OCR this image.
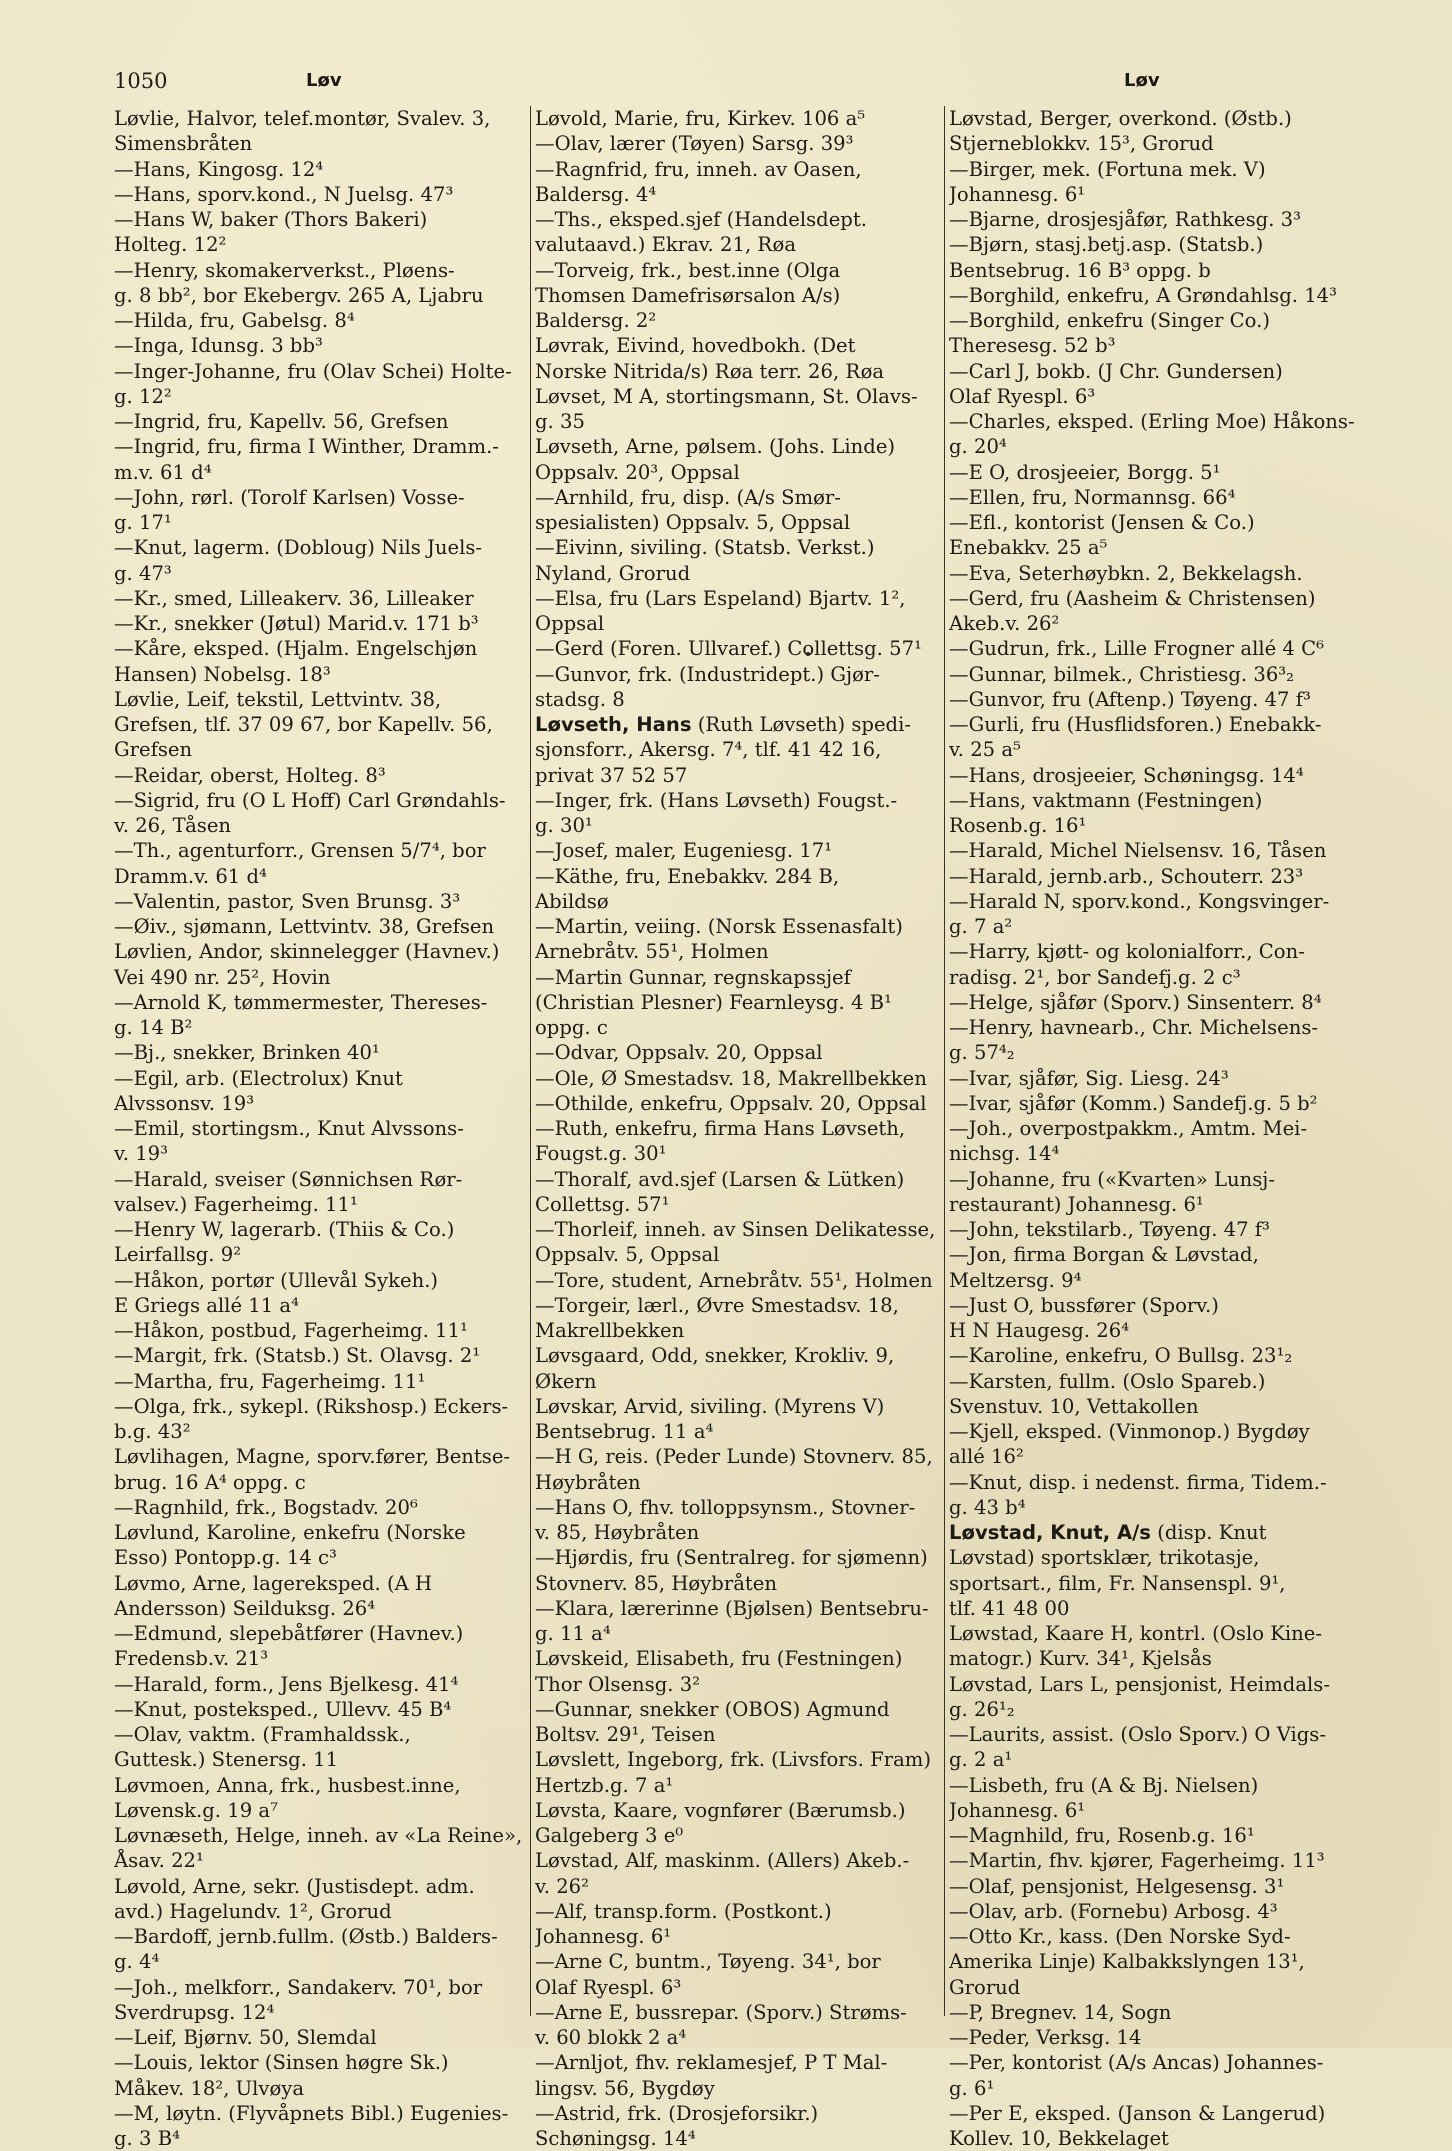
1050	Løv	Løv
Løvlie, Halvor, telef.montør, Svalev. 3,
Simensbråten
—Hans, Kingosg. 12⁴
—Hans, sporv.kond., N Juelsg. 47³
—Hans W, baker (Thors Bakeri)
Holteg. 12²
—Henry, skomakerverkst., Pløens-
g. 8 bb², bor Ekebergv. 265 A, Ljabru
—Hilda, fru, Gabelsg. 8⁴
—Inga, Idunsg. 3 bb³
—Inger-Johanne, fru (Olav Schei) Holte-
g. 12²
—Ingrid, fru, Kapellv. 56, Grefsen
—Ingrid, fru, firma I Winther, Dramm.-
m.v. 61 d⁴
—John, rørl. (Torolf Karlsen) Vosse-
g. 17¹
—Knut, lagerm. (Dobloug) Nils Juels-
g. 47³
—Kr., smed, Lilleakerv. 36, Lilleaker
—Kr., snekker (Jøtul) Marid.v. 171 b³
—Kåre, eksped. (Hjalm. Engelschjøn
Hansen) Nobelsg. 18³
Løvlie, Leif, tekstil, Lettvintv. 38,
Grefsen, tlf. 37 09 67, bor Kapellv. 56,
Grefsen
—Reidar, oberst, Holteg. 8³
—Sigrid, fru (O L Hoff) Carl Grøndahls-
v. 26, Tåsen
—Th., agenturforr., Grensen 5/7⁴, bor
Dramm.v. 61 d⁴
—Valentin, pastor, Sven Brunsg. 3³
—Øiv., sjømann, Lettvintv. 38, Grefsen
Løvlien, Andor, skinnelegger (Havnev.)
Vei 490 nr. 25², Hovin
—Arnold K, tømmermester, Thereses-
g. 14 B²
—Bj., snekker, Brinken 40¹
—Egil, arb. (Electrolux) Knut
Alvssonsv. 19³
—Emil, stortingsm., Knut Alvssons-
v. 19³
—Harald, sveiser (Sønnichsen Rør-
valsev.) Fagerheimg. 11¹
—Henry W, lagerarb. (Thiis & Co.)
Leirfallsg. 9²
—Håkon, portør (Ullevål Sykeh.)
E Griegs allé 11 a⁴
—Håkon, postbud, Fagerheimg. 11¹
—Margit, frk. (Statsb.) St. Olavsg. 2¹
—Martha, fru, Fagerheimg. 11¹
—Olga, frk., sykepl. (Rikshosp.) Eckers-
b.g. 43²
Løvlihagen, Magne, sporv.fører, Bentse-
brug. 16 A⁴ oppg. c
—Ragnhild, frk., Bogstadv. 20⁶
Løvlund, Karoline, enkefru (Norske
Esso) Pontopp.g. 14 c³
Løvmo, Arne, lagereksped. (A H
Andersson) Seilduksg. 26⁴
—Edmund, slepebåtfører (Havnev.)
Fredensb.v. 21³
—Harald, form., Jens Bjelkesg. 41⁴
—Knut, posteksped., Ullevv. 45 B⁴
—Olav, vaktm. (Framhaldssk.,
Guttesk.) Stenersg. 11
Løvmoen, Anna, frk., husbest.inne,
Løvensk.g. 19 a⁷
Løvnæseth, Helge, inneh. av «La Reine»,
Åsav. 22¹
Løvold, Arne, sekr. (Justisdept. adm.
avd.) Hagelundv. 1², Grorud
—Bardoff, jernb.fullm. (Østb.) Balders-
g. 4⁴
—Joh., melkforr., Sandakerv. 70¹, bor
Sverdrupsg. 12⁴
—Leif, Bjørnv. 50, Slemdal
—Louis, lektor (Sinsen høgre Sk.)
Måkev. 18², Ulvøya
—M, løytn. (Flyvåpnets Bibl.) Eugenies-
g. 3 B⁴
Løvold, Marie, fru, Kirkev. 106 a⁵
—Olav, lærer (Tøyen) Sarsg. 39³
—Ragnfrid, fru, inneh. av Oasen,
Baldersg. 4⁴
—Ths., eksped.sjef (Handelsdept.
valutaavd.) Ekrav. 21, Røa
—Torveig, frk., best.inne (Olga
Thomsen Damefrisørsalon A/s)
Baldersg. 2²
Løvrak, Eivind, hovedbokh. (Det
Norske Nitrida/s) Røa terr. 26, Røa
Løvset, M A, stortingsmann, St. Olavs-
g. 35
Løvseth, Arne, pølsem. (Johs. Linde)
Oppsalv. 20³, Oppsal
—Arnhild, fru, disp. (A/s Smør-
spesialisten) Oppsalv. 5, Oppsal
—Eivinn, siviling. (Statsb. Verkst.)
Nyland, Grorud
—Elsa, fru (Lars Espeland) Bjartv. 1²,
Oppsal
—Gerd (Foren. Ullvaref.) Collettsg. 57¹
—Gunvor, frk. (Industridept.) Gjør-
stadsg. 8
Løvseth, Hans (Ruth Løvseth) spedi-
sjonsforr., Akersg. 7⁴, tlf. 41 42 16,
privat 37 52 57
—Inger, frk. (Hans Løvseth) Fougst.-
g. 30¹
—Josef, maler, Eugeniesg. 17¹
—Käthe, fru, Enebakkv. 284 B,
Abildsø
—Martin, veiing. (Norsk Essenasfalt)
Arnebråtv. 55¹, Holmen
—Martin Gunnar, regnskapssjef
(Christian Plesner) Fearnleysg. 4 B¹
oppg. c
—Odvar, Oppsalv. 20, Oppsal
—Ole, Ø Smestadsv. 18, Makrellbekken
—Othilde, enkefru, Oppsalv. 20, Oppsal
—Ruth, enkefru, firma Hans Løvseth,
Fougst.g. 30¹
—Thoralf, avd.sjef (Larsen & Lütken)
Collettsg. 57¹
—Thorleif, inneh. av Sinsen Delikatesse,
Oppsalv. 5, Oppsal
—Tore, student, Arnebråtv. 55¹, Holmen
—Torgeir, lærl., Øvre Smestadsv. 18,
Makrellbekken
Løvsgaard, Odd, snekker, Krokliv. 9,
Økern
Løvskar, Arvid, siviling. (Myrens V)
Bentsebrug. 11 a⁴
—H G, reis. (Peder Lunde) Stovnerv. 85,
Høybråten
—Hans O, fhv. tolloppsynsm., Stovner-
v. 85, Høybråten
—Hjørdis, fru (Sentralreg. for sjømenn)
Stovnerv. 85, Høybråten
—Klara, lærerinne (Bjølsen) Bentsebru-
g. 11 a⁴
Løvskeid, Elisabeth, fru (Festningen)
Thor Olsensg. 3²
—Gunnar, snekker (OBOS) Agmund
Boltsv. 29¹, Teisen
Løvslett, Ingeborg, frk. (Livsfors. Fram)
Hertzb.g. 7 a¹
Løvsta, Kaare, vognfører (Bærumsb.)
Galgeberg 3 e⁰
Løvstad, Alf, maskinm. (Allers) Akeb.-
v. 26²
—Alf, transp.form. (Postkont.)
Johannesg. 6¹
—Arne C, buntm., Tøyeng. 34¹, bor
Olaf Ryespl. 6³
—Arne E, bussrepar. (Sporv.) Strøms-
v. 60 blokk 2 a⁴
—Arnljot, fhv. reklamesjef, P T Mal-
lingsv. 56, Bygdøy
—Astrid, frk. (Drosjeforsikr.)
Schøningsg. 14⁴
Løvstad, Berger, overkond. (Østb.)
Stjerneblokkv. 15³, Grorud
—Birger, mek. (Fortuna mek. V)
Johannesg. 6¹
—Bjarne, drosjesjåfør, Rathkesg. 3³
—Bjørn, stasj.betj.asp. (Statsb.)
Bentsebrug. 16 B³ oppg. b
—Borghild, enkefru, A Grøndahlsg. 14³
—Borghild, enkefru (Singer Co.)
Theresesg. 52 b³
—Carl J, bokb. (J Chr. Gundersen)
Olaf Ryespl. 6³
—Charles, eksped. (Erling Moe) Håkons-
g. 20⁴
—E O, drosjeeier, Borgg. 5¹
—Ellen, fru, Normannsg. 66⁴
—Efl., kontorist (Jensen & Co.)
Enebakkv. 25 a⁵
—Eva, Seterhøybkn. 2, Bekkelagsh.
—Gerd, fru (Aasheim & Christensen)
Akeb.v. 26²
—Gudrun, frk., Lille Frogner allé 4 C⁶
—Gunnar, bilmek., Christiesg. 36³₂
—Gunvor, fru (Aftenp.) Tøyeng. 47 f³
—Gurli, fru (Husflidsforen.) Enebakk-
v. 25 a⁵
—Hans, drosjeeier, Schøningsg. 14⁴
—Hans, vaktmann (Festningen)
Rosenb.g. 16¹
—Harald, Michel Nielsensv. 16, Tåsen
—Harald, jernb.arb., Schouterr. 23³
—Harald N, sporv.kond., Kongsvinger-
g. 7 a²
—Harry, kjøtt- og kolonialforr., Con-
radisg. 2¹, bor Sandefj.g. 2 c³
—Helge, sjåfør (Sporv.) Sinsenterr. 8⁴
—Henry, havnearb., Chr. Michelsens-
g. 57⁴₂
—Ivar, sjåfør, Sig. Liesg. 24³
—Ivar, sjåfør (Komm.) Sandefj.g. 5 b²
—Joh., overpostpakkm., Amtm. Mei-
nichsg. 14⁴
—Johanne, fru («Kvarten» Lunsj-
restaurant) Johannesg. 6¹
—John, tekstilarb., Tøyeng. 47 f³
—Jon, firma Borgan & Løvstad,
Meltzersg. 9⁴
—Just O, bussfører (Sporv.)
H N Haugesg. 26⁴
—Karoline, enkefru, O Bullsg. 23¹₂
—Karsten, fullm. (Oslo Spareb.)
Svenstuv. 10, Vettakollen
—Kjell, eksped. (Vinmonop.) Bygdøy
allé 16²
—Knut, disp. i nedenst. firma, Tidem.-
g. 43 b⁴
Løvstad, Knut, A/s (disp. Knut
Løvstad) sportsklær, trikotasje,
sportsart., film, Fr. Nansenspl. 9¹,
tlf. 41 48 00
Løwstad, Kaare H, kontrl. (Oslo Kine-
matogr.) Kurv. 34¹, Kjelsås
Løvstad, Lars L, pensjonist, Heimdals-
g. 26¹₂
—Laurits, assist. (Oslo Sporv.) O Vigs-
g. 2 a¹
—Lisbeth, fru (A & Bj. Nielsen)
Johannesg. 6¹
—Magnhild, fru, Rosenb.g. 16¹
—Martin, fhv. kjører, Fagerheimg. 11³
—Olaf, pensjonist, Helgesensg. 3¹
—Olav, arb. (Fornebu) Arbosg. 4³
—Otto Kr., kass. (Den Norske Syd-
Amerika Linje) Kalbakkslyngen 13¹,
Grorud
—P, Bregnev. 14, Sogn
—Peder, Verksg. 14
—Per, kontorist (A/s Ancas) Johannes-
g. 6¹
—Per E, eksped. (Janson & Langerud)
Kollev. 10, Bekkelaget
